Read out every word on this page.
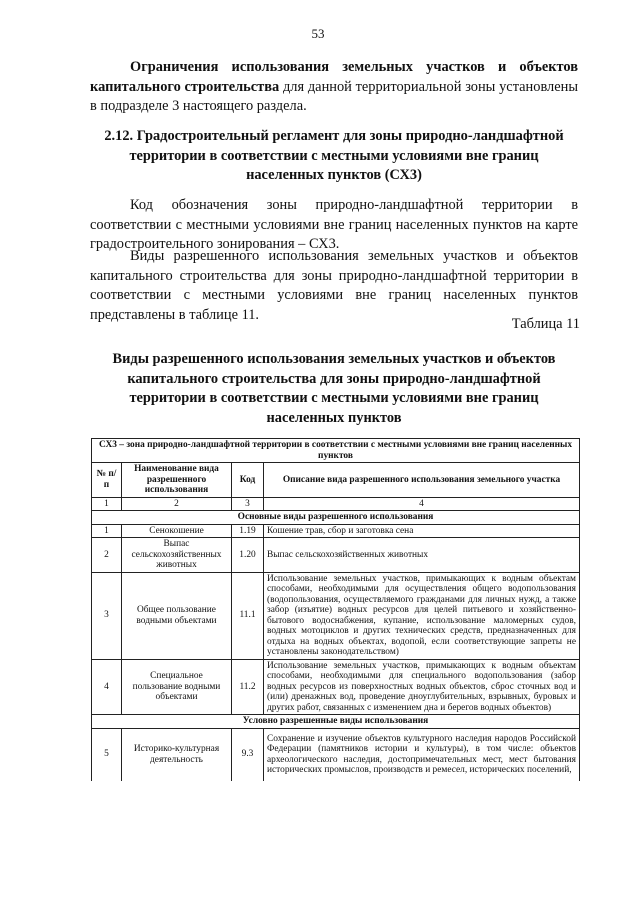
53

Ограничения использования земельных участков и объектов капитального строительства для данной территориальной зоны установлены в подразделе 3 настоящего раздела.

2.12. Градостроительный регламент для зоны природно-ландшафтной территории в соответствии с местными условиями вне границ населенных пунктов (СХ3)

Код обозначения зоны природно-ландшафтной территории в соответствии с местными условиями вне границ населенных пунктов на карте градостроительного зонирования – СХ3.

Виды разрешенного использования земельных участков и объектов капитального строительства для зоны природно-ландшафтной территории в соответствии с местными условиями вне границ населенных пунктов представлены в таблице 11.

Таблица 11

Виды разрешенного использования земельных участков и объектов капитального строительства для зоны природно-ландшафтной территории в соответствии с местными условиями вне границ населенных пунктов

СХ3 – зона природно-ландшафтной территории в соответствии с местными условиями вне границ населенных пунктов			
№ п/п	Наименование вида разрешенного использования	Код	Описание вида разрешенного использования земельного участка
1	2	3	4
Основные виды разрешенного использования			
1	Сенокошение	1.19	Кошение трав, сбор и заготовка сена
2	Выпас сельскохозяйственных животных	1.20	Выпас сельскохозяйственных животных
3	Общее пользование водными объектами	11.1	Использование земельных участков, примыкающих к водным объектам способами, необходимыми для осуществления общего водопользования (водопользования, осуществляемого гражданами для личных нужд, а также забор (изъятие) водных ресурсов для целей питьевого и хозяйственно-бытового водоснабжения, купание, использование маломерных судов, водных мотоциклов и других технических средств, предназначенных для отдыха на водных объектах, водопой, если соответствующие запреты не установлены законодательством)
4	Специальное пользование водными объектами	11.2	Использование земельных участков, примыкающих к водным объектам способами, необходимыми для специального водопользования (забор водных ресурсов из поверхностных водных объектов, сброс сточных вод и (или) дренажных вод, проведение дноуглубительных, взрывных, буровых и других работ, связанных с изменением дна и берегов водных объектов)
Условно разрешенные виды использования			
5	Историко-культурная деятельность	9.3	Сохранение и изучение объектов культурного наследия народов Российской Федерации (памятников истории и культуры), в том числе: объектов археологического наследия, достопримечательных мест, мест бытования исторических промыслов, производств и ремесел, исторических поселений,
